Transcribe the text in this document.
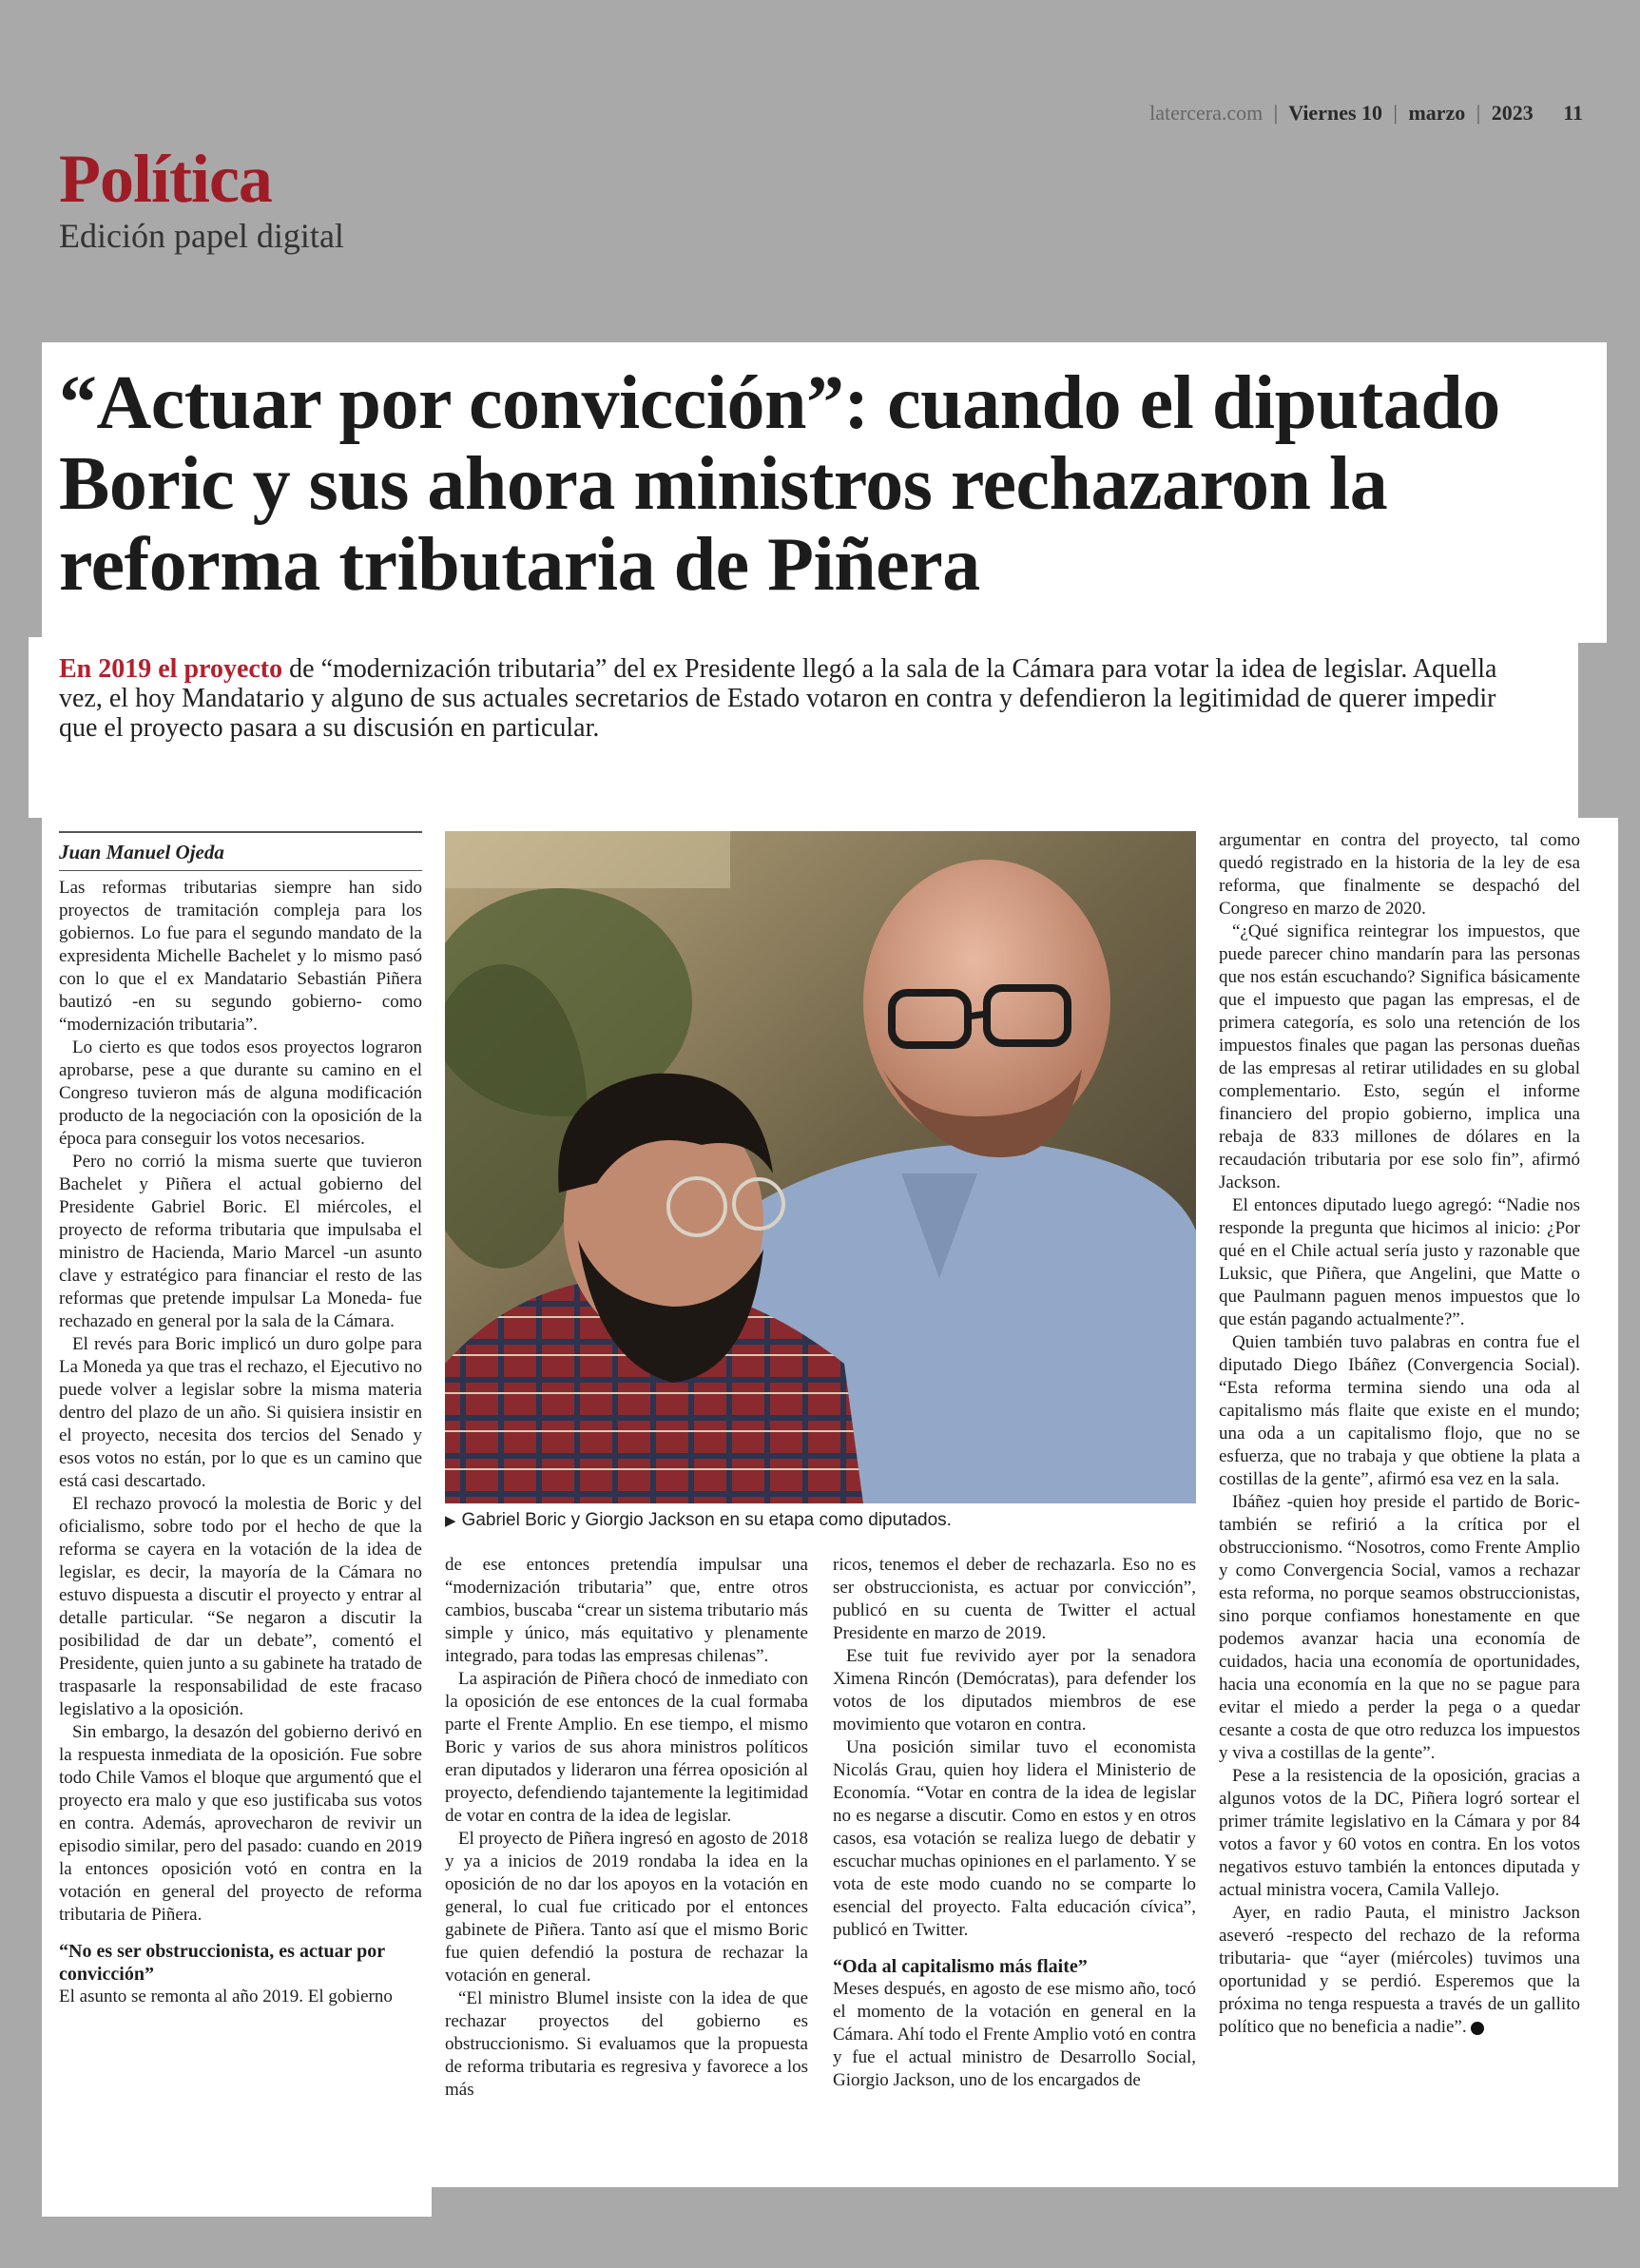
latercera.com | Viernes 10 | marzo | 2023 11
Política
Edición papel digital
“Actuar por convicción”: cuando el diputado Boric y sus ahora ministros rechazaron la reforma tributaria de Piñera

En 2019 el proyecto de “modernización tributaria” del ex Presidente llegó a la sala de la Cámara para votar la idea de legislar. Aquella vez, el hoy Mandatario y alguno de sus actuales secretarios de Estado votaron en contra y defendieron la legitimidad de querer impedir que el proyecto pasara a su discusión en particular.

Juan Manuel Ojeda

Las reformas tributarias siempre han sido proyectos de tramitación compleja para los gobiernos. Lo fue para el segundo mandato de la expresidenta Michelle Bachelet y lo mismo pasó con lo que el ex Mandatario Sebastián Piñera bautizó -en su segundo gobierno- como “modernización tributaria”.

Lo cierto es que todos esos proyectos lograron aprobarse, pese a que durante su camino en el Congreso tuvieron más de alguna modificación producto de la negociación con la oposición de la época para conseguir los votos necesarios.

Pero no corrió la misma suerte que tuvieron Bachelet y Piñera el actual gobierno del Presidente Gabriel Boric. El miércoles, el proyecto de reforma tributaria que impulsaba el ministro de Hacienda, Mario Marcel -un asunto clave y estratégico para financiar el resto de las reformas que pretende impulsar La Moneda- fue rechazado en general por la sala de la Cámara.

El revés para Boric implicó un duro golpe para La Moneda ya que tras el rechazo, el Ejecutivo no puede volver a legislar sobre la misma materia dentro del plazo de un año. Si quisiera insistir en el proyecto, necesita dos tercios del Senado y esos votos no están, por lo que es un camino que está casi descartado.

El rechazo provocó la molestia de Boric y del oficialismo, sobre todo por el hecho de que la reforma se cayera en la votación de la idea de legislar, es decir, la mayoría de la Cámara no estuvo dispuesta a discutir el proyecto y entrar al detalle particular. “Se negaron a discutir la posibilidad de dar un debate”, comentó el Presidente, quien junto a su gabinete ha tratado de traspasarle la responsabilidad de este fracaso legislativo a la oposición.

Sin embargo, la desazón del gobierno derivó en la respuesta inmediata de la oposición. Fue sobre todo Chile Vamos el bloque que argumentó que el proyecto era malo y que eso justificaba sus votos en contra. Además, aprovecharon de revivir un episodio similar, pero del pasado: cuando en 2019 la entonces oposición votó en contra en la votación en general del proyecto de reforma tributaria de Piñera.

“No es ser obstruccionista, es actuar por convicción”

El asunto se remonta al año 2019. El gobierno

▶ Gabriel Boric y Giorgio Jackson en su etapa como diputados.

de ese entonces pretendía impulsar una “modernización tributaria” que, entre otros cambios, buscaba “crear un sistema tributario más simple y único, más equitativo y plenamente integrado, para todas las empresas chilenas”.

La aspiración de Piñera chocó de inmediato con la oposición de ese entonces de la cual formaba parte el Frente Amplio. En ese tiempo, el mismo Boric y varios de sus ahora ministros políticos eran diputados y lideraron una férrea oposición al proyecto, defendiendo tajantemente la legitimidad de votar en contra de la idea de legislar.

El proyecto de Piñera ingresó en agosto de 2018 y ya a inicios de 2019 rondaba la idea en la oposición de no dar los apoyos en la votación en general, lo cual fue criticado por el entonces gabinete de Piñera. Tanto así que el mismo Boric fue quien defendió la postura de rechazar la votación en general.

“El ministro Blumel insiste con la idea de que rechazar proyectos del gobierno es obstruccionismo. Si evaluamos que la propuesta de reforma tributaria es regresiva y favorece a los más

ricos, tenemos el deber de rechazarla. Eso no es ser obstruccionista, es actuar por convicción”, publicó en su cuenta de Twitter el actual Presidente en marzo de 2019.

Ese tuit fue revivido ayer por la senadora Ximena Rincón (Demócratas), para defender los votos de los diputados miembros de ese movimiento que votaron en contra.

Una posición similar tuvo el economista Nicolás Grau, quien hoy lidera el Ministerio de Economía. “Votar en contra de la idea de legislar no es negarse a discutir. Como en estos y en otros casos, esa votación se realiza luego de debatir y escuchar muchas opiniones en el parlamento. Y se vota de este modo cuando no se comparte lo esencial del proyecto. Falta educación cívica”, publicó en Twitter.

“Oda al capitalismo más flaite”

Meses después, en agosto de ese mismo año, tocó el momento de la votación en general en la Cámara. Ahí todo el Frente Amplio votó en contra y fue el actual ministro de Desarrollo Social, Giorgio Jackson, uno de los encargados de

argumentar en contra del proyecto, tal como quedó registrado en la historia de la ley de esa reforma, que finalmente se despachó del Congreso en marzo de 2020.

“¿Qué significa reintegrar los impuestos, que puede parecer chino mandarín para las personas que nos están escuchando? Significa básicamente que el impuesto que pagan las empresas, el de primera categoría, es solo una retención de los impuestos finales que pagan las personas dueñas de las empresas al retirar utilidades en su global complementario. Esto, según el informe financiero del propio gobierno, implica una rebaja de 833 millones de dólares en la recaudación tributaria por ese solo fin”, afirmó Jackson.

El entonces diputado luego agregó: “Nadie nos responde la pregunta que hicimos al inicio: ¿Por qué en el Chile actual sería justo y razonable que Luksic, que Piñera, que Angelini, que Matte o que Paulmann paguen menos impuestos que lo que están pagando actualmente?”.

Quien también tuvo palabras en contra fue el diputado Diego Ibáñez (Convergencia Social). “Esta reforma termina siendo una oda al capitalismo más flaite que existe en el mundo; una oda a un capitalismo flojo, que no se esfuerza, que no trabaja y que obtiene la plata a costillas de la gente”, afirmó esa vez en la sala.

Ibáñez -quien hoy preside el partido de Boric- también se refirió a la crítica por el obstruccionismo. “Nosotros, como Frente Amplio y como Convergencia Social, vamos a rechazar esta reforma, no porque seamos obstruccionistas, sino porque confiamos honestamente en que podemos avanzar hacia una economía de cuidados, hacia una economía de oportunidades, hacia una economía en la que no se pague para evitar el miedo a perder la pega o a quedar cesante a costa de que otro reduzca los impuestos y viva a costillas de la gente”.

Pese a la resistencia de la oposición, gracias a algunos votos de la DC, Piñera logró sortear el primer trámite legislativo en la Cámara y por 84 votos a favor y 60 votos en contra. En los votos negativos estuvo también la entonces diputada y actual ministra vocera, Camila Vallejo.

Ayer, en radio Pauta, el ministro Jackson aseveró -respecto del rechazo de la reforma tributaria- que “ayer (miércoles) tuvimos una oportunidad y se perdió. Esperemos que la próxima no tenga respuesta a través de un gallito político que no beneficia a nadie”.
